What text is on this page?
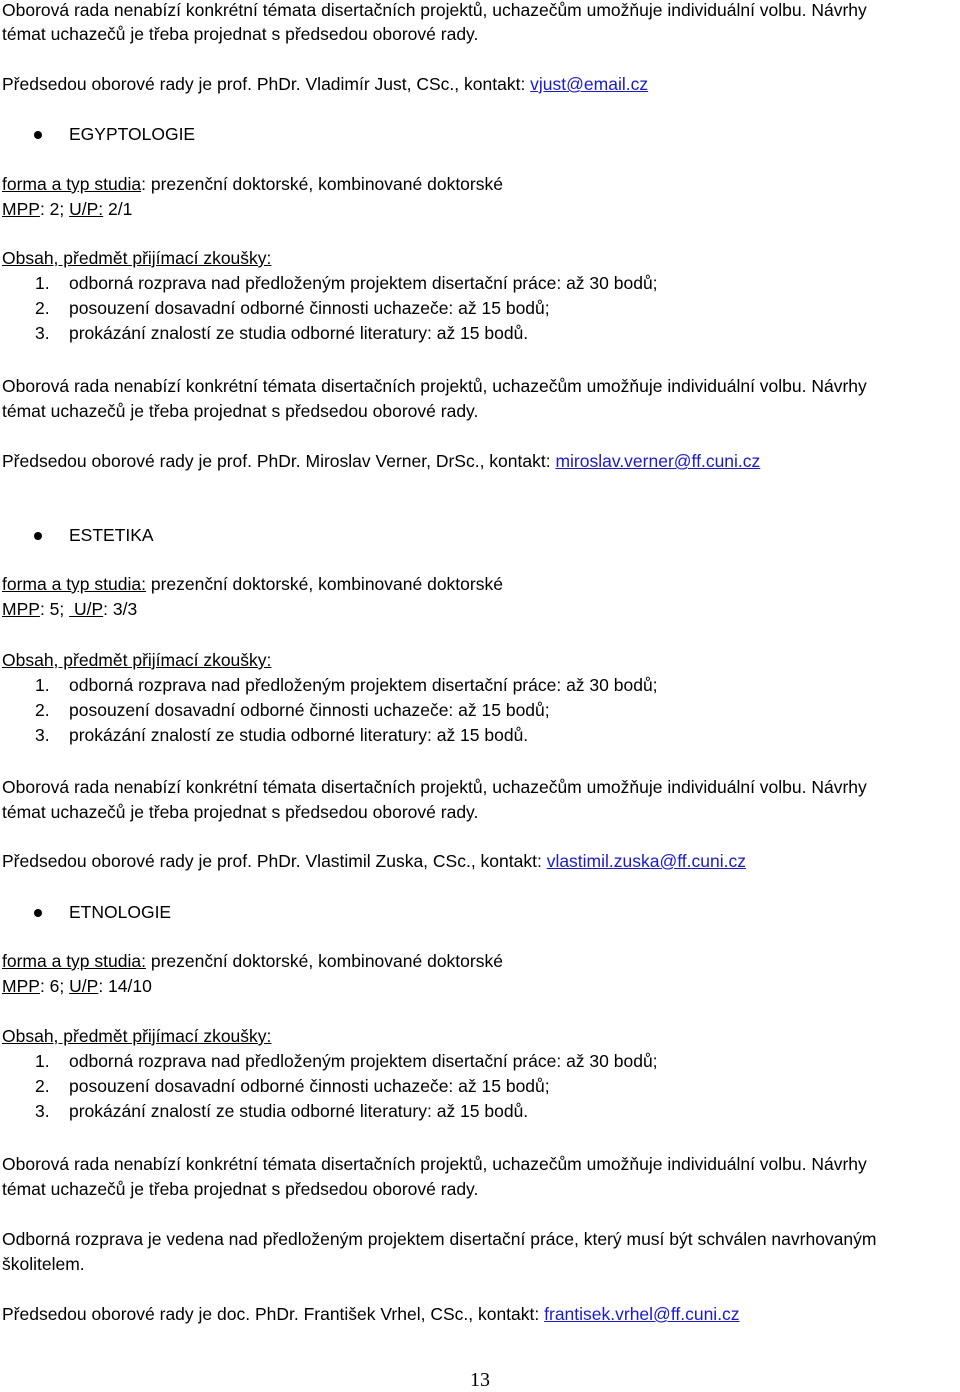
Oborová rada nenabízí konkrétní témata disertačních projektů, uchazečům umožňuje individuální volbu. Návrhy
témat uchazečů je třeba projednat s předsedou oborové rady.
Předsedou oborové rady je prof. PhDr. Vladimír Just, CSc., kontakt: vjust@email.cz
EGYPTOLOGIE
forma a typ studia: prezenční doktorské, kombinované doktorské
MPP: 2; U/P: 2/1
Obsah, předmět přijímací zkoušky:
1. odborná rozprava nad předloženým projektem disertační práce: až 30 bodů;
2. posouzení dosavadní odborné činnosti uchazeče: až 15 bodů;
3. prokázání znalostí ze studia odborné literatury: až 15 bodů.
Oborová rada nenabízí konkrétní témata disertačních projektů, uchazečům umožňuje individuální volbu. Návrhy
témat uchazečů je třeba projednat s předsedou oborové rady.
Předsedou oborové rady je prof. PhDr. Miroslav Verner, DrSc., kontakt: miroslav.verner@ff.cuni.cz
ESTETIKA
forma a typ studia: prezenční doktorské, kombinované doktorské
MPP: 5;  U/P: 3/3
Obsah, předmět přijímací zkoušky:
1. odborná rozprava nad předloženým projektem disertační práce: až 30 bodů;
2. posouzení dosavadní odborné činnosti uchazeče: až 15 bodů;
3. prokázání znalostí ze studia odborné literatury: až 15 bodů.
Oborová rada nenabízí konkrétní témata disertačních projektů, uchazečům umožňuje individuální volbu. Návrhy
témat uchazečů je třeba projednat s předsedou oborové rady.
Předsedou oborové rady je prof. PhDr. Vlastimil Zuska, CSc., kontakt: vlastimil.zuska@ff.cuni.cz
ETNOLOGIE
forma a typ studia: prezenční doktorské, kombinované doktorské
MPP: 6; U/P: 14/10
Obsah, předmět přijímací zkoušky:
1. odborná rozprava nad předloženým projektem disertační práce: až 30 bodů;
2. posouzení dosavadní odborné činnosti uchazeče: až 15 bodů;
3. prokázání znalostí ze studia odborné literatury: až 15 bodů.
Oborová rada nenabízí konkrétní témata disertačních projektů, uchazečům umožňuje individuální volbu. Návrhy
témat uchazečů je třeba projednat s předsedou oborové rady.
Odborná rozprava je vedena nad předloženým projektem disertační práce, který musí být schválen navrhovaným
školitelem.
Předsedou oborové rady je doc. PhDr. František Vrhel, CSc., kontakt: frantisek.vrhel@ff.cuni.cz
13
